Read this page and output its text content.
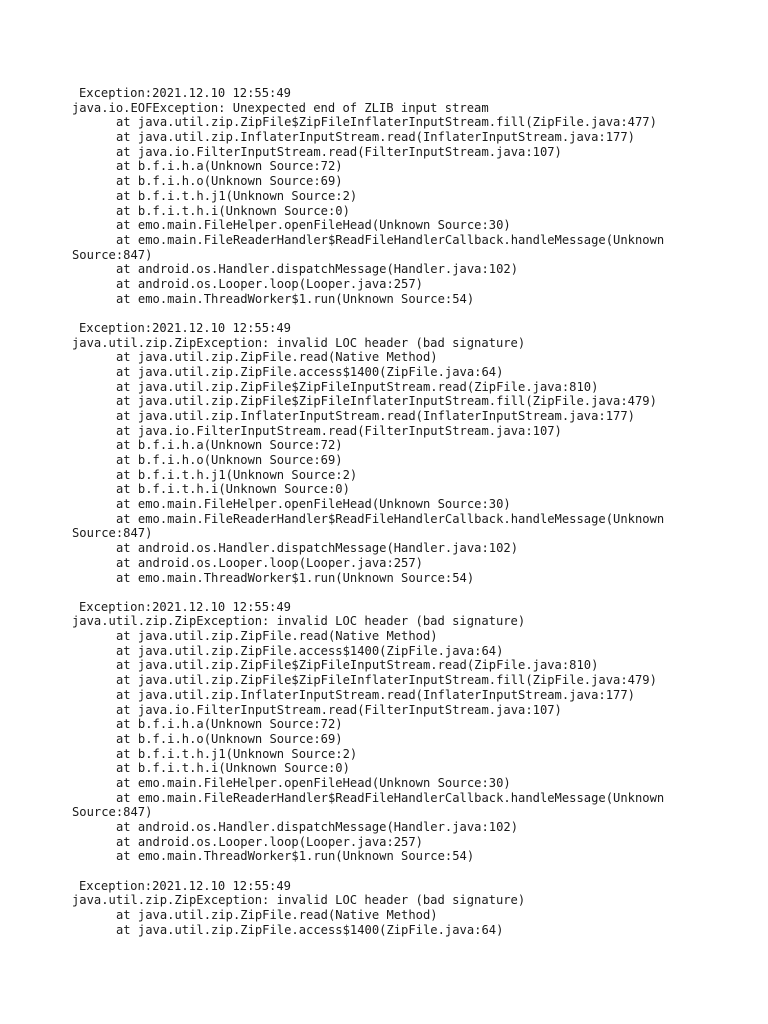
Exception:2021.12.10 12:55:49
java.io.EOFException: Unexpected end of ZLIB input stream
at java.util.zip.ZipFile$ZipFileInflaterInputStream.fill(ZipFile.java:477)
at java.util.zip.InflaterInputStream.read(InflaterInputStream.java:177)
at java.io.FilterInputStream.read(FilterInputStream.java:107)
at b.f.i.h.a(Unknown Source:72)
at b.f.i.h.o(Unknown Source:69)
at b.f.i.t.h.j1(Unknown Source:2)
at b.f.i.t.h.i(Unknown Source:0)
at emo.main.FileHelper.openFileHead(Unknown Source:30)
at emo.main.FileReaderHandler$ReadFileHandlerCallback.handleMessage(Unknown
Source:847)
at android.os.Handler.dispatchMessage(Handler.java:102)
at android.os.Looper.loop(Looper.java:257)
at emo.main.ThreadWorker$1.run(Unknown Source:54)
Exception:2021.12.10 12:55:49
java.util.zip.ZipException: invalid LOC header (bad signature)
at java.util.zip.ZipFile.read(Native Method)
at java.util.zip.ZipFile.access$1400(ZipFile.java:64)
at java.util.zip.ZipFile$ZipFileInputStream.read(ZipFile.java:810)
at java.util.zip.ZipFile$ZipFileInflaterInputStream.fill(ZipFile.java:479)
at java.util.zip.InflaterInputStream.read(InflaterInputStream.java:177)
at java.io.FilterInputStream.read(FilterInputStream.java:107)
at b.f.i.h.a(Unknown Source:72)
at b.f.i.h.o(Unknown Source:69)
at b.f.i.t.h.j1(Unknown Source:2)
at b.f.i.t.h.i(Unknown Source:0)
at emo.main.FileHelper.openFileHead(Unknown Source:30)
at emo.main.FileReaderHandler$ReadFileHandlerCallback.handleMessage(Unknown
Source:847)
at android.os.Handler.dispatchMessage(Handler.java:102)
at android.os.Looper.loop(Looper.java:257)
at emo.main.ThreadWorker$1.run(Unknown Source:54)
Exception:2021.12.10 12:55:49
java.util.zip.ZipException: invalid LOC header (bad signature)
at java.util.zip.ZipFile.read(Native Method)
at java.util.zip.ZipFile.access$1400(ZipFile.java:64)
at java.util.zip.ZipFile$ZipFileInputStream.read(ZipFile.java:810)
at java.util.zip.ZipFile$ZipFileInflaterInputStream.fill(ZipFile.java:479)
at java.util.zip.InflaterInputStream.read(InflaterInputStream.java:177)
at java.io.FilterInputStream.read(FilterInputStream.java:107)
at b.f.i.h.a(Unknown Source:72)
at b.f.i.h.o(Unknown Source:69)
at b.f.i.t.h.j1(Unknown Source:2)
at b.f.i.t.h.i(Unknown Source:0)
at emo.main.FileHelper.openFileHead(Unknown Source:30)
at emo.main.FileReaderHandler$ReadFileHandlerCallback.handleMessage(Unknown
Source:847)
at android.os.Handler.dispatchMessage(Handler.java:102)
at android.os.Looper.loop(Looper.java:257)
at emo.main.ThreadWorker$1.run(Unknown Source:54)
Exception:2021.12.10 12:55:49
java.util.zip.ZipException: invalid LOC header (bad signature)
at java.util.zip.ZipFile.read(Native Method)
at java.util.zip.ZipFile.access$1400(ZipFile.java:64)
